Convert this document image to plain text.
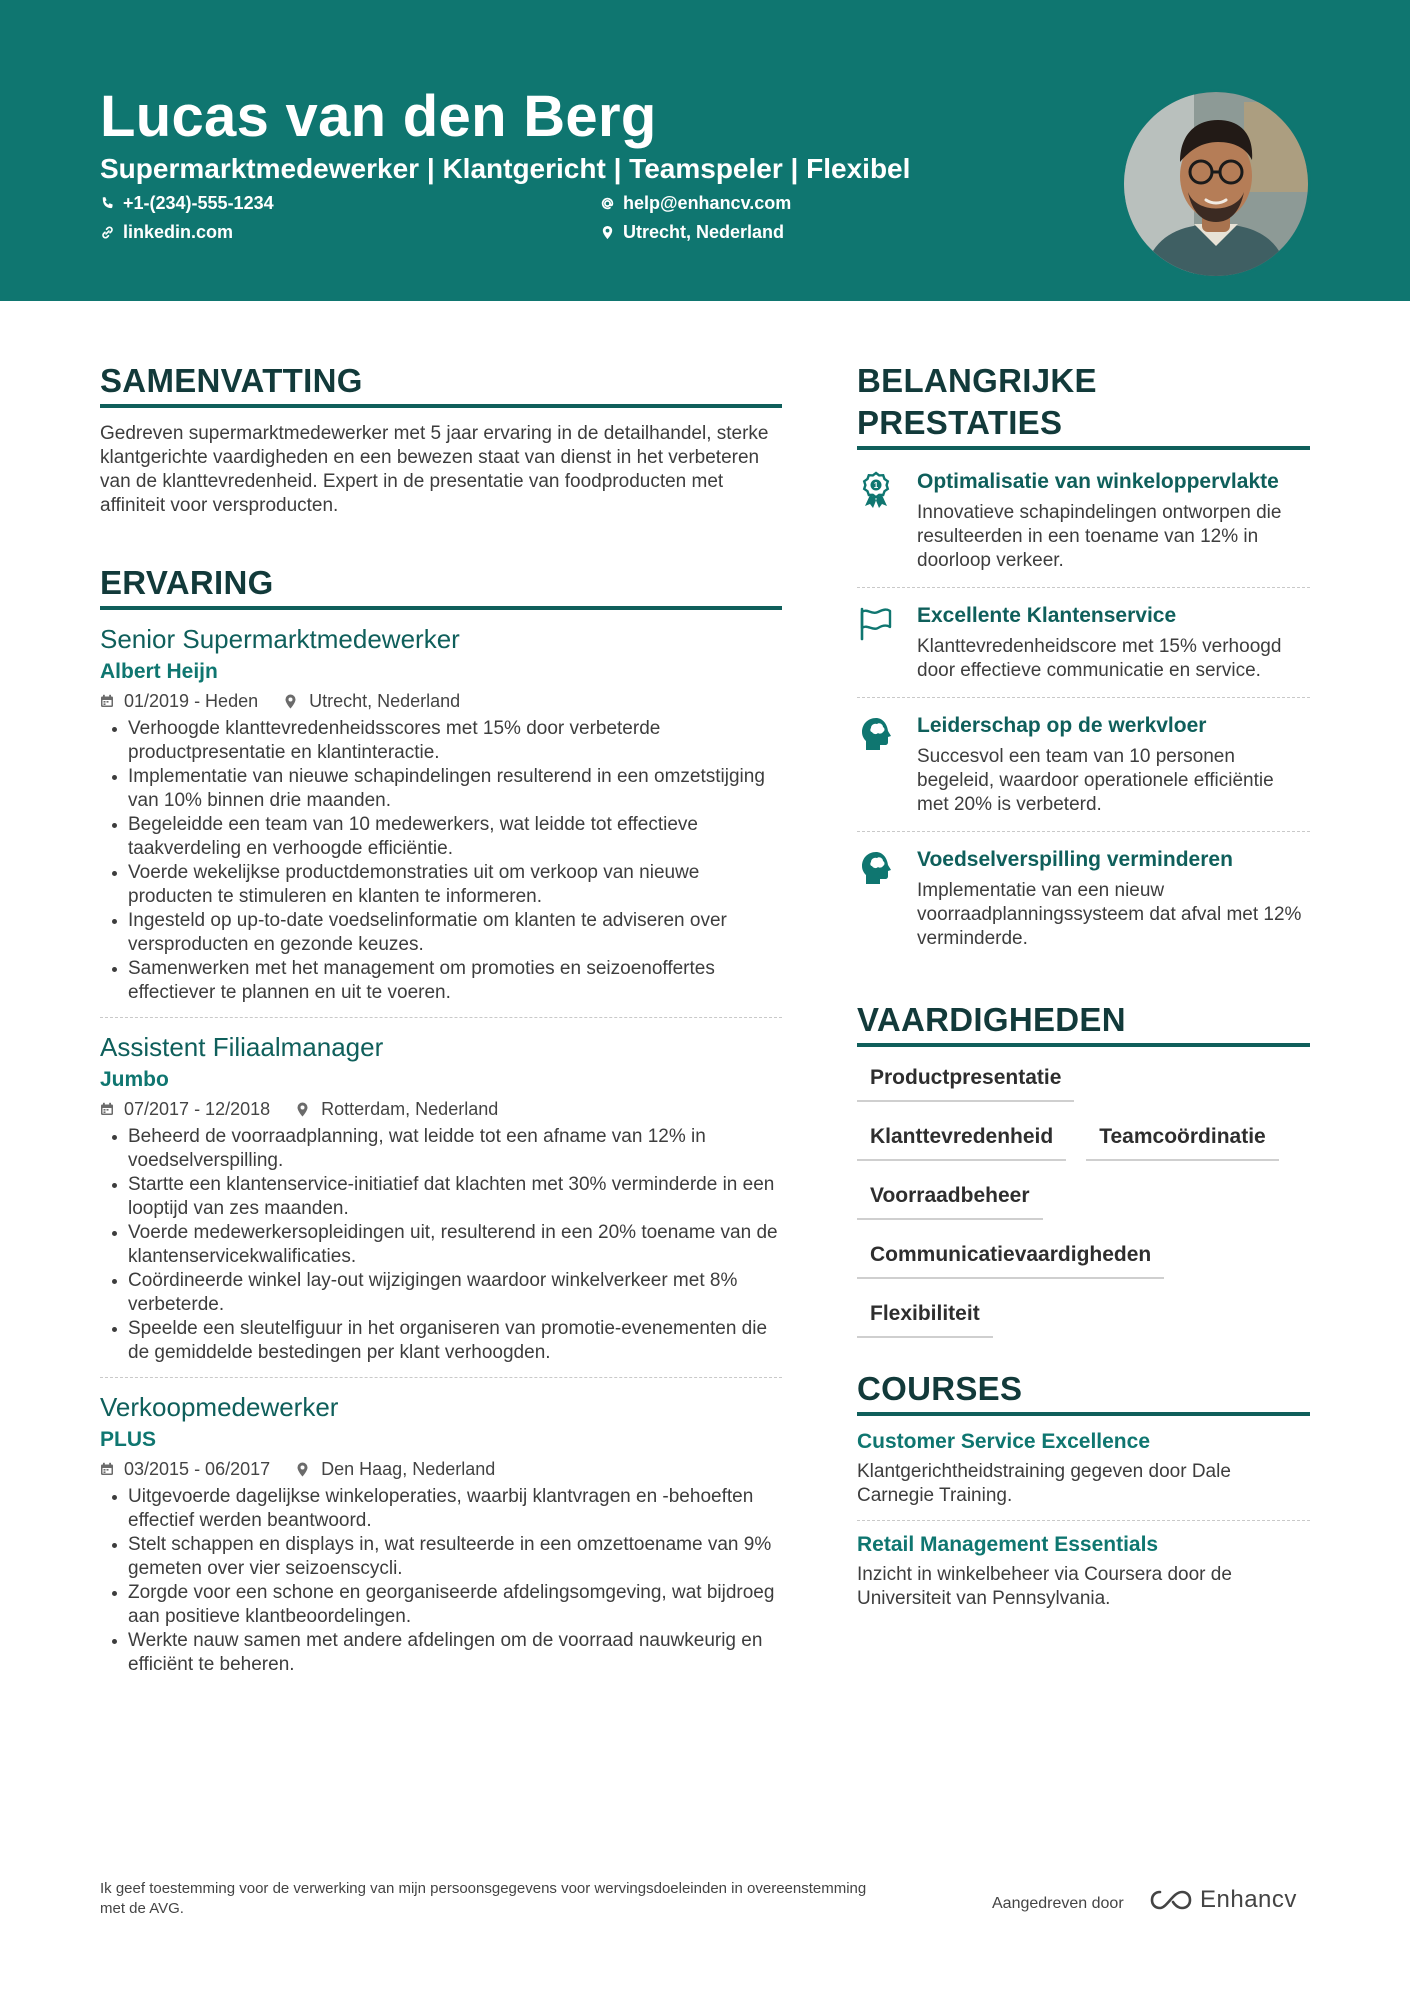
Lucas van den Berg
Supermarktmedewerker | Klantgericht | Teamspeler | Flexibel
+1-(234)-555-1234	help@enhancv.com
linkedin.com	Utrecht, Nederland
SAMENVATTING
Gedreven supermarktmedewerker met 5 jaar ervaring in de detailhandel, sterke klantgerichte vaardigheden en een bewezen staat van dienst in het verbeteren van de klanttevredenheid. Expert in de presentatie van foodproducten met affiniteit voor versproducten.
ERVARING
Senior Supermarktmedewerker
Albert Heijn
01/2019 - Heden	Utrecht, Nederland
Verhoogde klanttevredenheidsscores met 15% door verbeterde productpresentatie en klantinteractie.
Implementatie van nieuwe schapindelingen resulterend in een omzetstijging van 10% binnen drie maanden.
Begeleidde een team van 10 medewerkers, wat leidde tot effectieve taakverdeling en verhoogde efficiëntie.
Voerde wekelijkse productdemonstraties uit om verkoop van nieuwe producten te stimuleren en klanten te informeren.
Ingesteld op up-to-date voedselinformatie om klanten te adviseren over versproducten en gezonde keuzes.
Samenwerken met het management om promoties en seizoenoffertes effectiever te plannen en uit te voeren.
Assistent Filiaalmanager
Jumbo
07/2017 - 12/2018	Rotterdam, Nederland
Beheerd de voorraadplanning, wat leidde tot een afname van 12% in voedselverspilling.
Startte een klantenservice-initiatief dat klachten met 30% verminderde in een looptijd van zes maanden.
Voerde medewerkersopleidingen uit, resulterend in een 20% toename van de klantenservicekwalificaties.
Coördineerde winkel lay-out wijzigingen waardoor winkelverkeer met 8% verbeterde.
Speelde een sleutelfiguur in het organiseren van promotie-evenementen die de gemiddelde bestedingen per klant verhoogden.
Verkoopmedewerker
PLUS
03/2015 - 06/2017	Den Haag, Nederland
Uitgevoerde dagelijkse winkeloperaties, waarbij klantvragen en -behoeften effectief werden beantwoord.
Stelt schappen en displays in, wat resulteerde in een omzettoename van 9% gemeten over vier seizoenscycli.
Zorgde voor een schone en georganiseerde afdelingsomgeving, wat bijdroeg aan positieve klantbeoordelingen.
Werkte nauw samen met andere afdelingen om de voorraad nauwkeurig en efficiënt te beheren.
BELANGRIJKE PRESTATIES
1 Optimalisatie van winkeloppervlakte
Innovatieve schapindelingen ontworpen die resulteerden in een toename van 12% in doorloop verkeer.
Excellente Klantenservice
Klanttevredenheidscore met 15% verhoogd door effectieve communicatie en service.
Leiderschap op de werkvloer
Succesvol een team van 10 personen begeleid, waardoor operationele efficiëntie met 20% is verbeterd.
Voedselverspilling verminderen
Implementatie van een nieuw voorraadplanningssysteem dat afval met 12% verminderde.
VAARDIGHEDEN
Productpresentatie
Klanttevredenheid	Teamcoördinatie
Voorraadbeheer
Communicatievaardigheden
Flexibiliteit
COURSES
Customer Service Excellence
Klantgerichtheidstraining gegeven door Dale Carnegie Training.
Retail Management Essentials
Inzicht in winkelbeheer via Coursera door de Universiteit van Pennsylvania.
Ik geef toestemming voor de verwerking van mijn persoonsgegevens voor wervingsdoeleinden in overeenstemming met de AVG.	Aangedreven door	Enhancv
